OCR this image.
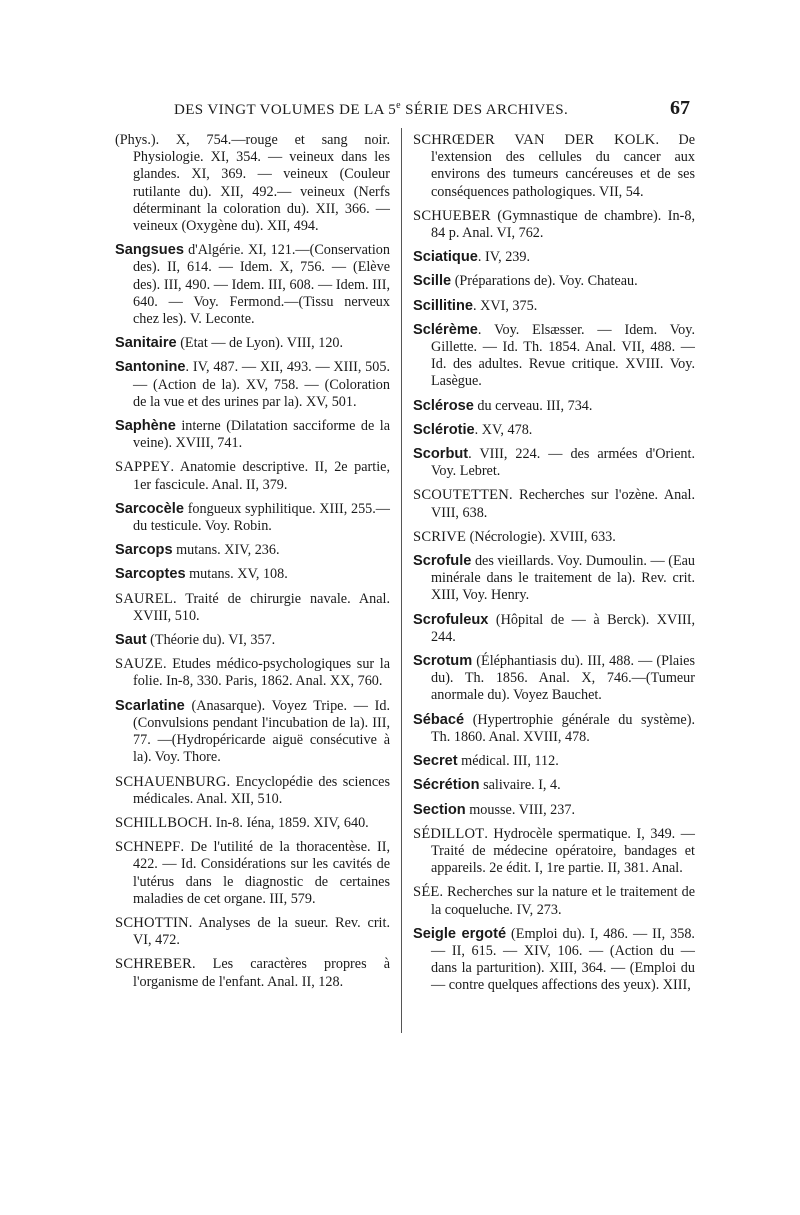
DES VINGT VOLUMES DE LA 5e SÉRIE DES ARCHIVES.	67

(Phys.). X, 754.—rouge et sang noir. Physiologie. XI, 354. — veineux dans les glandes. XI, 369. — veineux (Couleur rutilante du). XII, 492.— veineux (Nerfs déterminant la coloration du). XII, 366. —veineux (Oxygène du). XII, 494.

Sangsues d'Algérie. XI, 121.—(Conservation des). II, 614. — Idem. X, 756. — (Elève des). III, 490. — Idem. III, 608. — Idem. III, 640. — Voy. Fermond.—(Tissu nerveux chez les). V. Leconte.

Sanitaire (Etat — de Lyon). VIII, 120.

Santonine. IV, 487. — XII, 493. — XIII, 505. — (Action de la). XV, 758. — (Coloration de la vue et des urines par la). XV, 501.

Saphène interne (Dilatation sacciforme de la veine). XVIII, 741.

SAPPEY. Anatomie descriptive. II, 2e partie, 1er fascicule. Anal. II, 379.

Sarcocèle fongueux syphilitique. XIII, 255.—du testicule. Voy. Robin.

Sarcops mutans. XIV, 236.

Sarcoptes mutans. XV, 108.

SAUREL. Traité de chirurgie navale. Anal. XVIII, 510.

Saut (Théorie du). VI, 357.

SAUZE. Etudes médico-psychologiques sur la folie. In-8, 330. Paris, 1862. Anal. XX, 760.

Scarlatine (Anasarque). Voyez Tripe. — Id. (Convulsions pendant l'incubation de la). III, 77. —(Hydropéricarde aiguë consécutive à la). Voy. Thore.

SCHAUENBURG. Encyclopédie des sciences médicales. Anal. XII, 510.

SCHILLBOCH. In-8. Iéna, 1859. XIV, 640.

SCHNEPF. De l'utilité de la thoracentèse. II, 422. — Id. Considérations sur les cavités de l'utérus dans le diagnostic de certaines maladies de cet organe. III, 579.

SCHOTTIN. Analyses de la sueur. Rev. crit. VI, 472.

SCHREBER. Les caractères propres à l'organisme de l'enfant. Anal. II, 128.

SCHRŒDER VAN DER KOLK. De l'extension des cellules du cancer aux environs des tumeurs cancéreuses et de ses conséquences pathologiques. VII, 54.

SCHUEBER (Gymnastique de chambre). In-8, 84 p. Anal. VI, 762.

Sciatique. IV, 239.

Scille (Préparations de). Voy. Chateau.

Scillitine. XVI, 375.

Sclérème. Voy. Elsæsser. — Idem. Voy. Gillette. — Id. Th. 1854. Anal. VII, 488. — Id. des adultes. Revue critique. XVIII. Voy. Lasègue.

Sclérose du cerveau. III, 734.

Sclérotie. XV, 478.

Scorbut. VIII, 224. — des armées d'Orient. Voy. Lebret.

SCOUTETTEN. Recherches sur l'ozène. Anal. VIII, 638.

SCRIVE (Nécrologie). XVIII, 633.

Scrofule des vieillards. Voy. Dumoulin. — (Eau minérale dans le traitement de la). Rev. crit. XIII, Voy. Henry.

Scrofuleux (Hôpital de — à Berck). XVIII, 244.

Scrotum (Éléphantiasis du). III, 488. — (Plaies du). Th. 1856. Anal. X, 746.—(Tumeur anormale du). Voyez Bauchet.

Sébacé (Hypertrophie générale du système). Th. 1860. Anal. XVIII, 478.

Secret médical. III, 112.

Sécrétion salivaire. I, 4.

Section mousse. VIII, 237.

SÉDILLOT. Hydrocèle spermatique. I, 349. — Traité de médecine opératoire, bandages et appareils. 2e édit. I, 1re partie. II, 381. Anal.

SÉE. Recherches sur la nature et le traitement de la coqueluche. IV, 273.

Seigle ergoté (Emploi du). I, 486. — II, 358. — II, 615. — XIV, 106. — (Action du — dans la parturition). XIII, 364. — (Emploi du — contre quelques affections des yeux). XIII,
